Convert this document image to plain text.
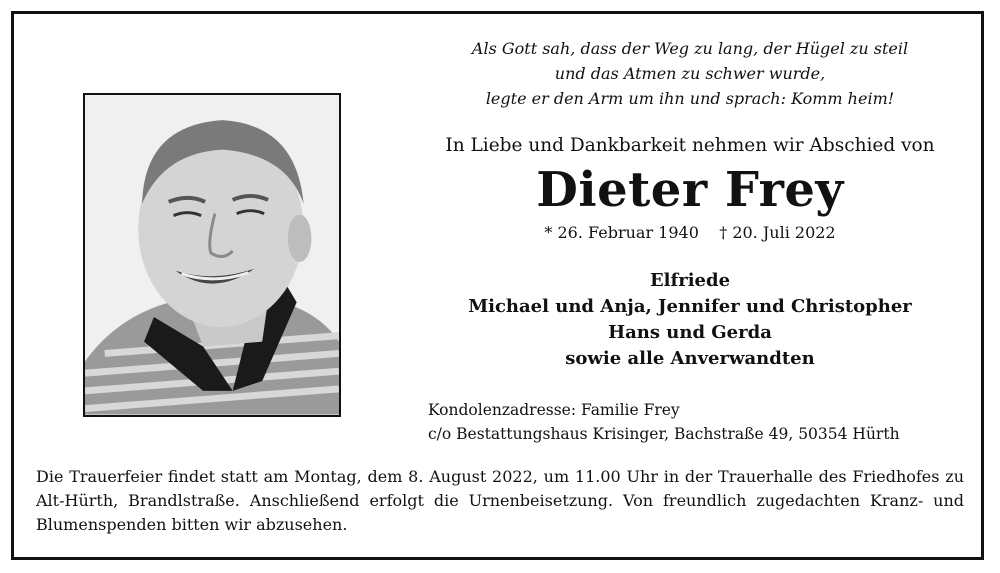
Als Gott sah, dass der Weg zu lang, der Hügel zu steil
und das Atmen zu schwer wurde,
legte er den Arm um ihn und sprach: Komm heim!
In Liebe und Dankbarkeit nehmen wir Abschied von
Dieter Frey
* 26. Februar 1940    † 20. Juli 2022
Elfriede
Michael und Anja, Jennifer und Christopher
Hans und Gerda
sowie alle Anverwandten
Kondolenzadresse: Familie Frey
c/o Bestattungshaus Krisinger, Bachstraße 49, 50354 Hürth
Die Trauerfeier findet statt am Montag, dem 8. August 2022, um 11.00 Uhr in der Trauerhalle des Friedhofes zu Alt-Hürth, Brandlstraße. Anschließend erfolgt die Urnenbeisetzung. Von freundlich zugedachten Kranz- und Blumenspenden bitten wir abzusehen.
